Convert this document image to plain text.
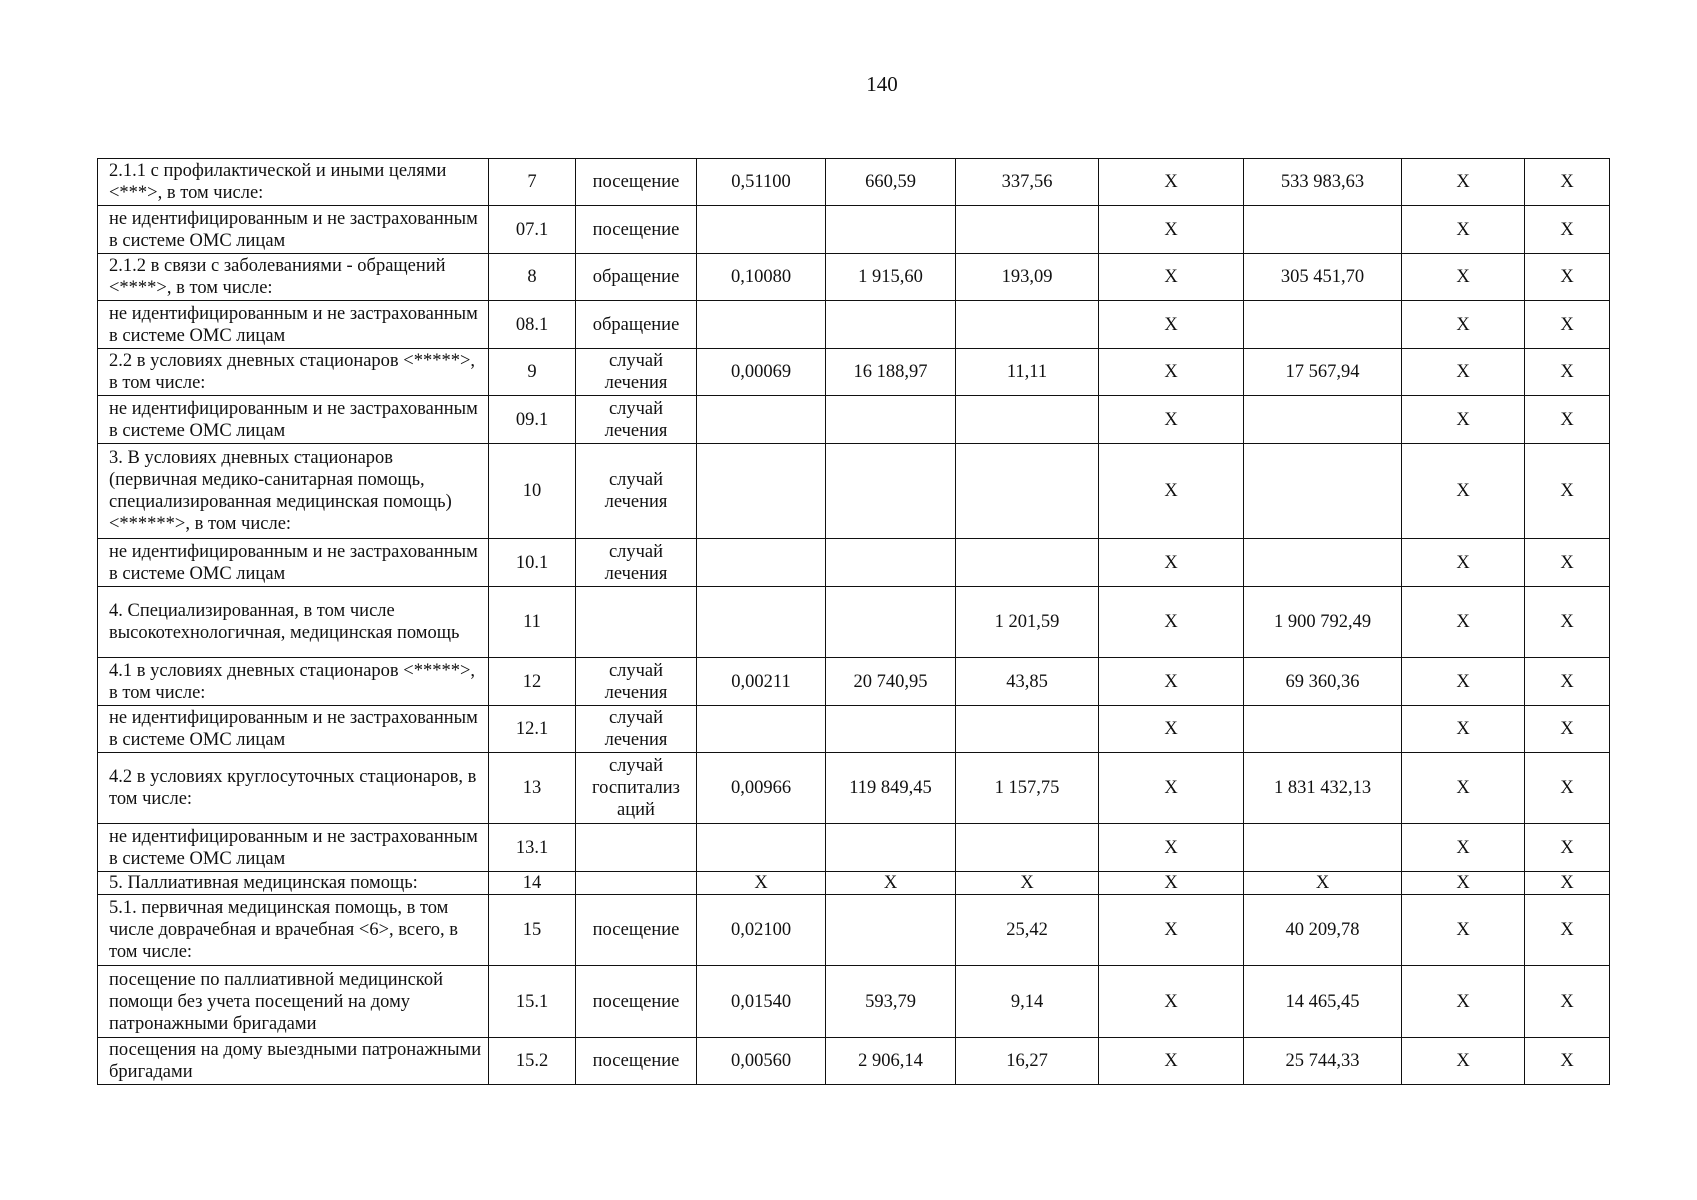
140
2.1.1 с профилактической и иными целями <***>, в том числе:	7	посещение	0,51100	660,59	337,56	X	533 983,63	X	X
не идентифицированным и не застрахованным в системе ОМС лицам	07.1	посещение				X		X	X
2.1.2 в связи с заболеваниями - обращений <****>, в том числе:	8	обращение	0,10080	1 915,60	193,09	X	305 451,70	X	X
не идентифицированным и не застрахованным в системе ОМС лицам	08.1	обращение				X		X	X
2.2 в условиях дневных стационаров <*****>, в том числе:	9	случай лечения	0,00069	16 188,97	11,11	X	17 567,94	X	X
не идентифицированным и не застрахованным в системе ОМС лицам	09.1	случай лечения				X		X	X
3. В условиях дневных стационаров (первичная медико-санитарная помощь, специализированная медицинская помощь) <******>, в том числе:	10	случай лечения				X		X	X
не идентифицированным и не застрахованным в системе ОМС лицам	10.1	случай лечения				X		X	X
4. Специализированная, в том числе высокотехнологичная, медицинская помощь	11				1 201,59	X	1 900 792,49	X	X
4.1 в условиях дневных стационаров <*****>, в том числе:	12	случай лечения	0,00211	20 740,95	43,85	X	69 360,36	X	X
не идентифицированным и не застрахованным в системе ОМС лицам	12.1	случай лечения				X		X	X
4.2 в условиях круглосуточных стационаров, в том числе:	13	случай госпитализ аций	0,00966	119 849,45	1 157,75	X	1 831 432,13	X	X
не идентифицированным и не застрахованным в системе ОМС лицам	13.1					X		X	X
5. Паллиативная медицинская помощь:	14		X	X	X	X	X	X	X
5.1. первичная медицинская помощь, в том числе доврачебная и врачебная <6>, всего, в том числе:	15	посещение	0,02100		25,42	X	40 209,78	X	X
посещение по паллиативной медицинской помощи без учета посещений на дому патронажными бригадами	15.1	посещение	0,01540	593,79	9,14	X	14 465,45	X	X
посещения на дому выездными патронажными бригадами	15.2	посещение	0,00560	2 906,14	16,27	X	25 744,33	X	X
